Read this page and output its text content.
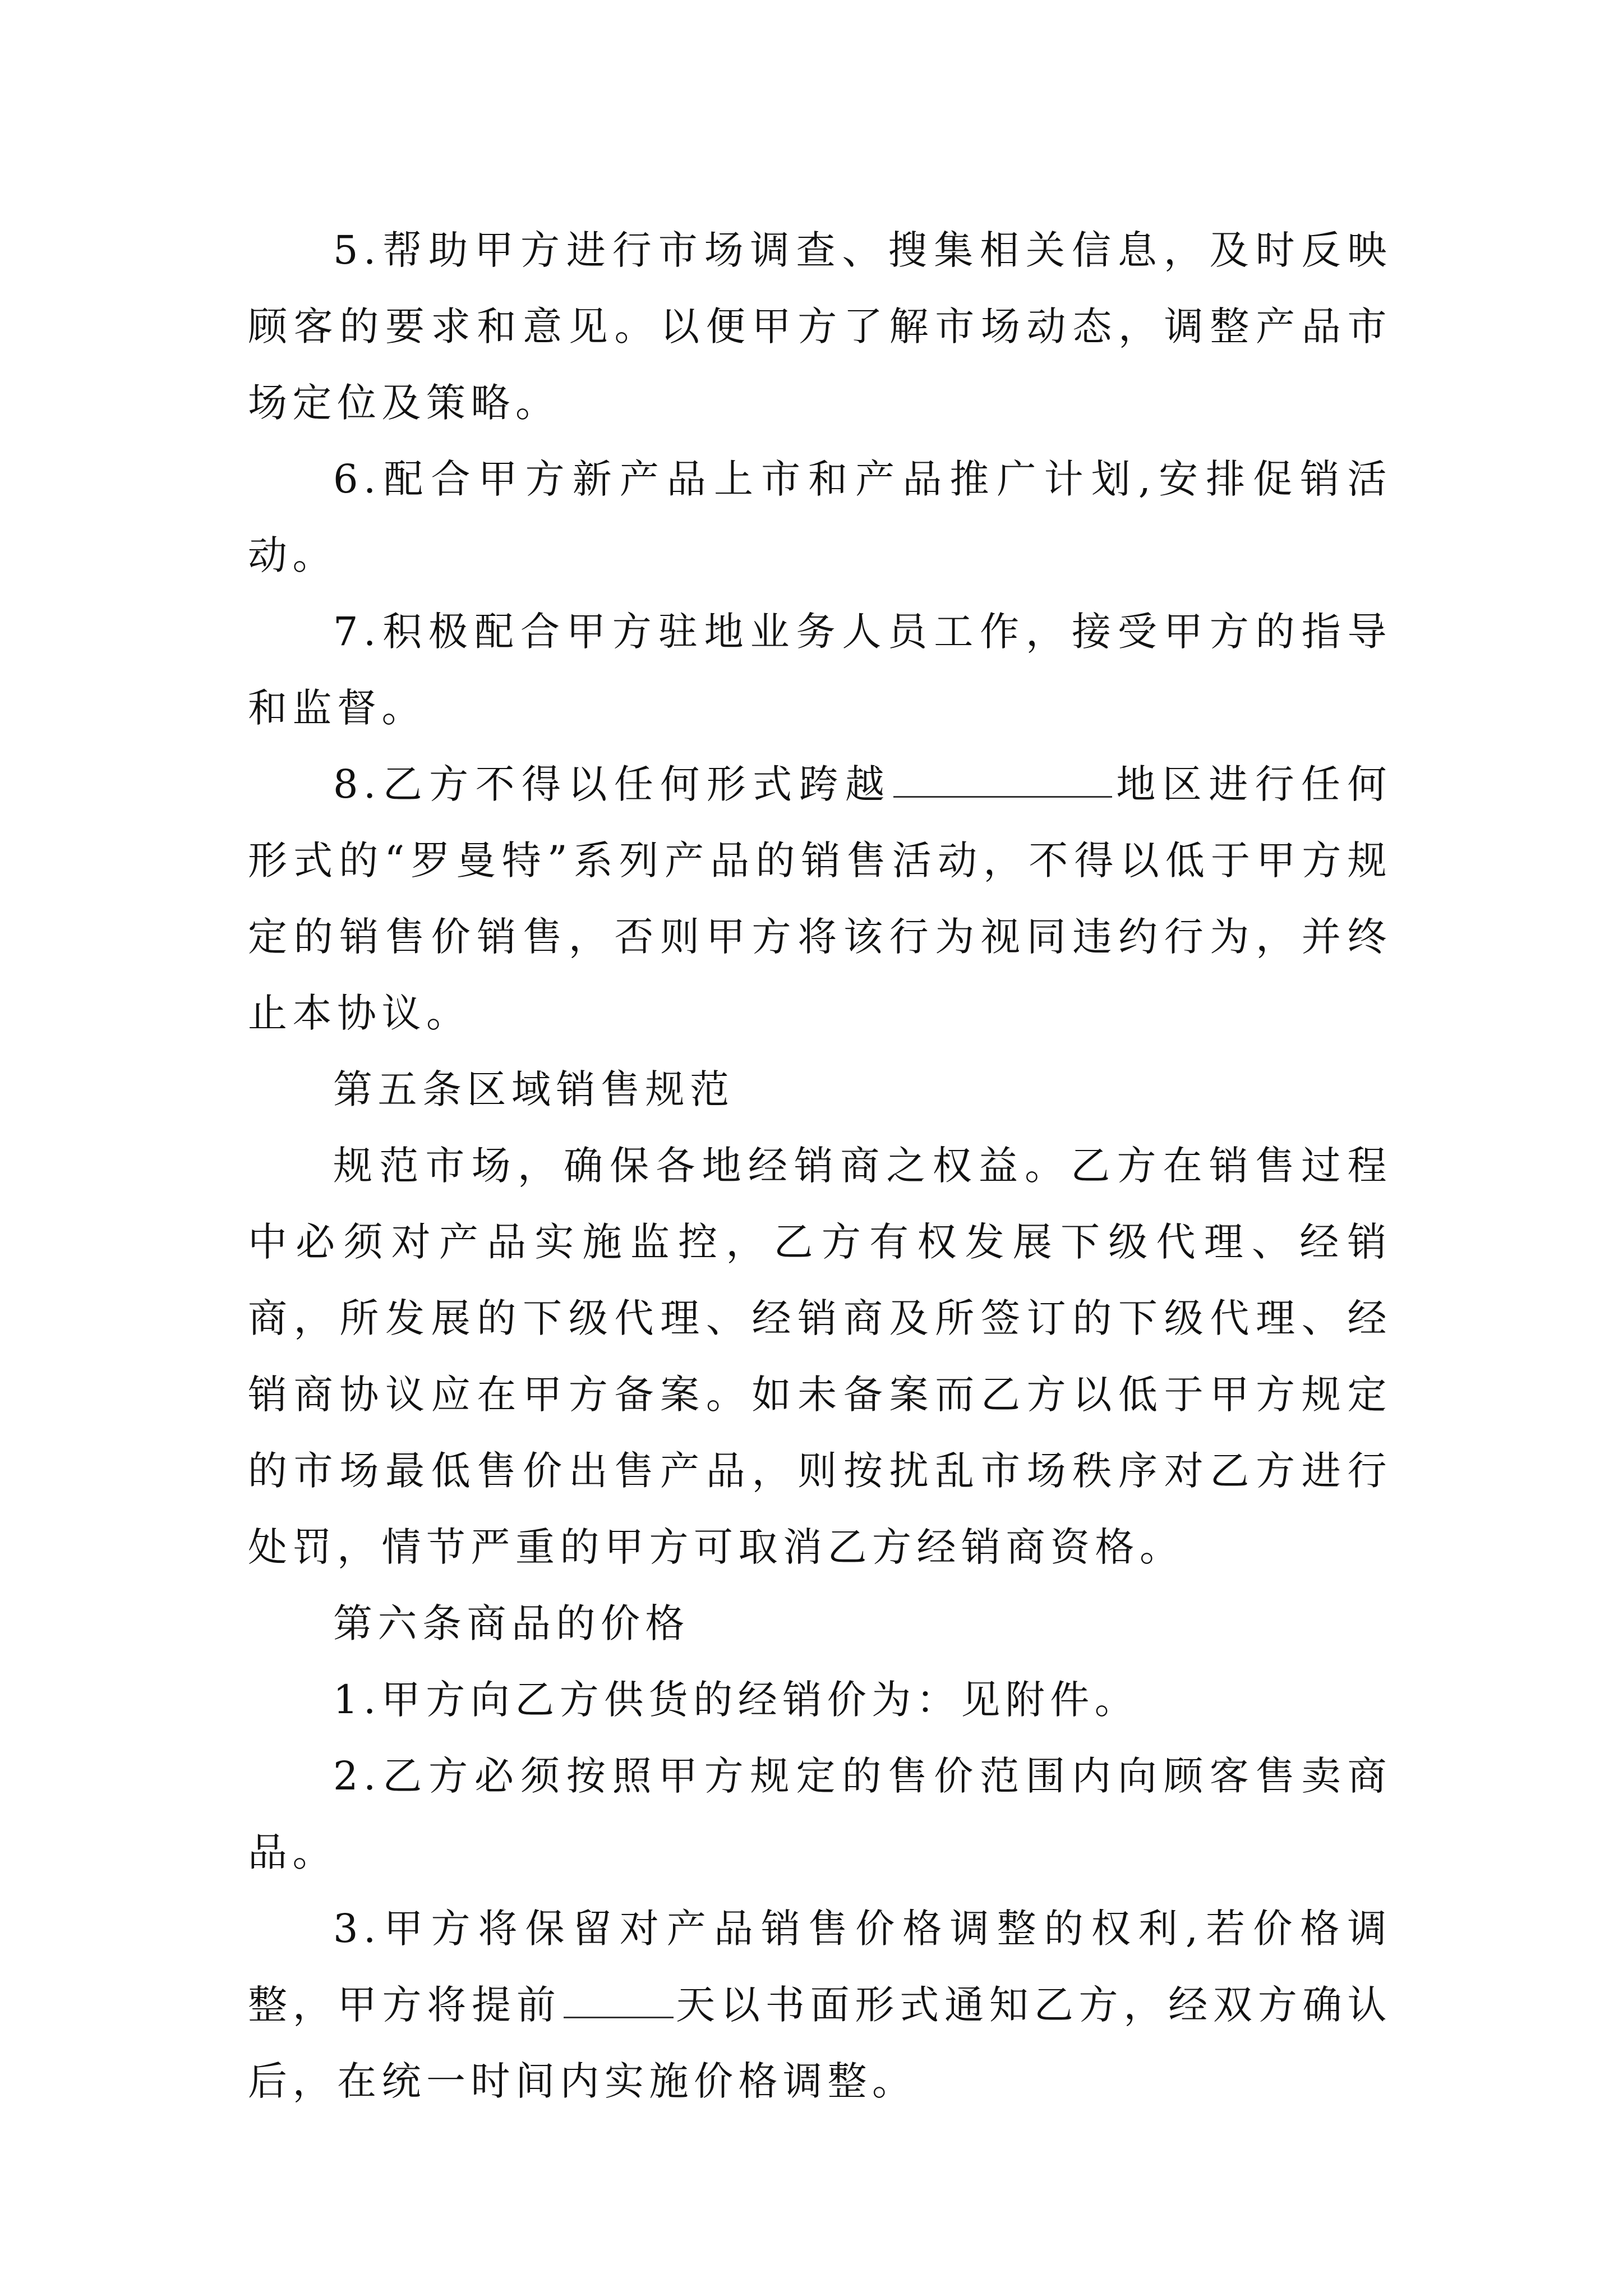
5.帮助甲方进行市场调查、搜集相关信息，及时反映顾客的要求和意见。以便甲方了解市场动态，调整产品市场定位及策略。

6.配合甲方新产品上市和产品推广计划,安排促销活动。

7.积极配合甲方驻地业务人员工作，接受甲方的指导和监督。

8.乙方不得以任何形式跨越	地区进行任何形式的“罗曼特”系列产品的销售活动，不得以低于甲方规定的销售价销售，否则甲方将该行为视同违约行为，并终止本协议。

第五条区域销售规范

规范市场，确保各地经销商之权益。乙方在销售过程中必须对产品实施监控，乙方有权发展下级代理、经销商，所发展的下级代理、经销商及所签订的下级代理、经销商协议应在甲方备案。如未备案而乙方以低于甲方规定的市场最低售价出售产品，则按扰乱市场秩序对乙方进行处罚，情节严重的甲方可取消乙方经销商资格。

第六条商品的价格

1.甲方向乙方供货的经销价为：见附件。

2.乙方必须按照甲方规定的售价范围内向顾客售卖商品。

3.甲方将保留对产品销售价格调整的权利,若价格调整，甲方将提前	天以书面形式通知乙方，经双方确认后，在统一时间内实施价格调整。
